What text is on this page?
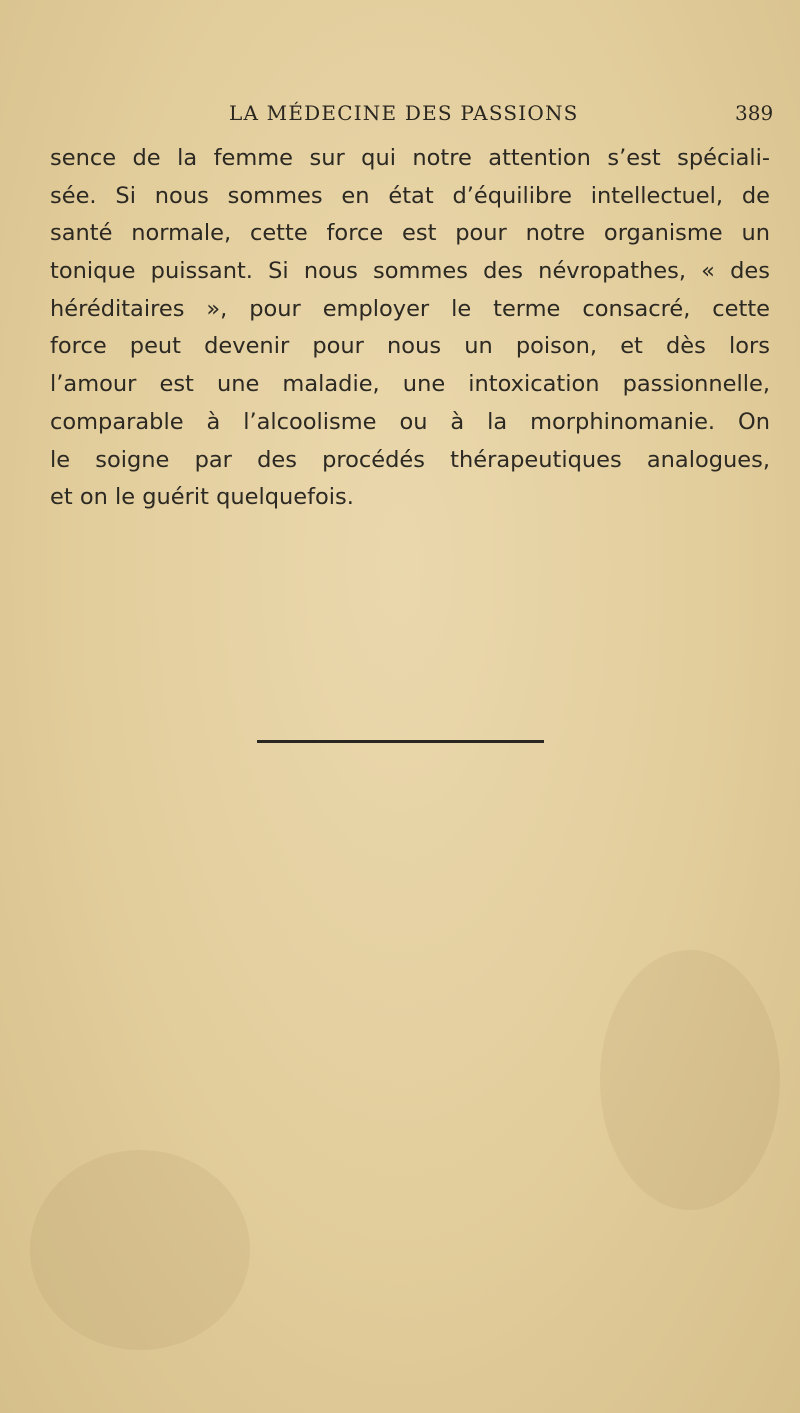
LA MÉDECINE DES PASSIONS	389
sence de la femme sur qui notre attention s’est spéciali-
sée. Si nous sommes en état d’équilibre intellectuel, de
santé normale, cette force est pour notre organisme un
tonique puissant. Si nous sommes des névropathes, « des
héréditaires », pour employer le terme consacré, cette
force peut devenir pour nous un poison, et dès lors
l’amour est une maladie, une intoxication passionnelle,
comparable à l’alcoolisme ou à la morphinomanie. On
le soigne par des procédés thérapeutiques analogues,
et on le guérit quelquefois.
